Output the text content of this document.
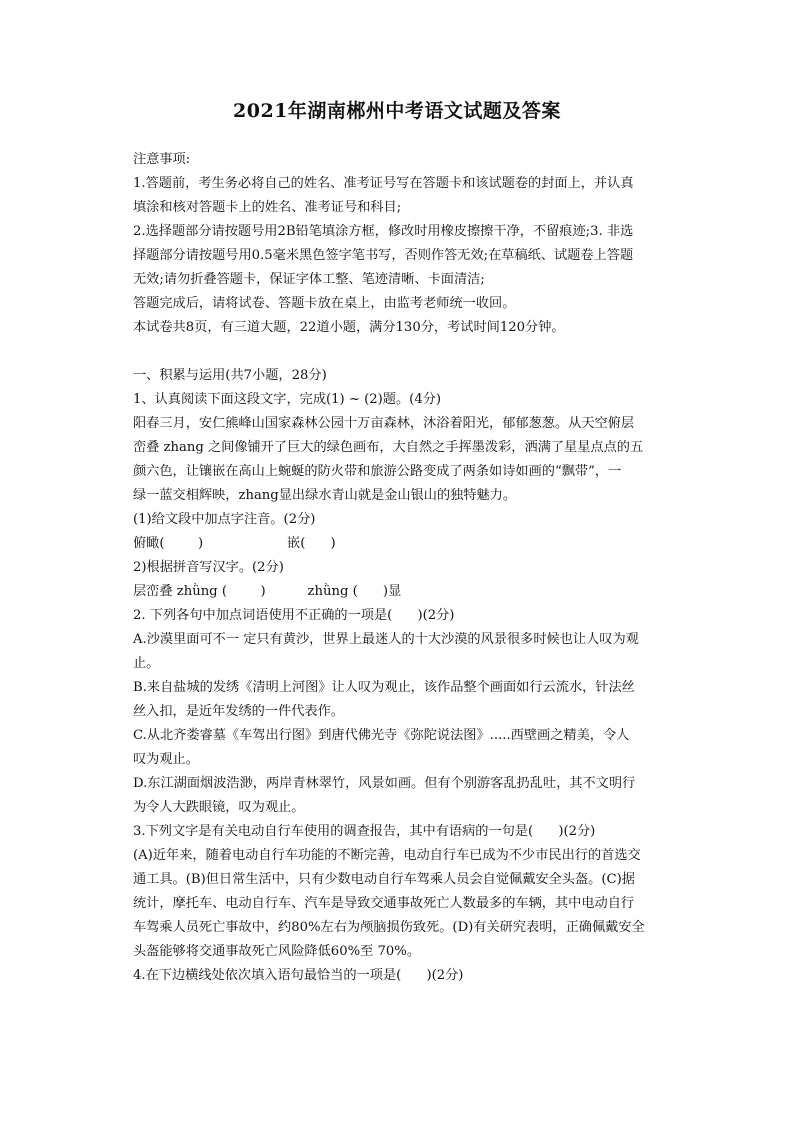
2021年湖南郴州中考语文试题及答案

注意事项:

1.答题前，考生务必将自己的姓名、准考证号写在答题卡和该试题卷的封面上，并认真

填涂和核对答题卡上的姓名、准考证号和科目;

2.选择题部分请按题号用2B铅笔填涂方框，修改时用橡皮擦擦干净，不留痕迹;3. 非选

择题部分请按题号用0.5毫米黑色签字笔书写，否则作答无效;在草稿纸、试题卷上答题

无效;请勿折叠答题卡，保证字体工整、笔迹清晰、卡面清洁;

答题完成后，请将试卷、答题卡放在桌上，由监考老师统一收回。

本试卷共8页，有三道大题，22道小题，满分130分，考试时间120分钟。

一、积累与运用(共7小题，28分)

1、认真阅读下面这段文字，完成(1) ~ (2)题。(4分)

阳春三月，安仁熊峰山国家森林公园十万亩森林，沐浴着阳光，郁郁葱葱。从天空俯层

峦叠 zhang 之间像铺开了巨大的绿色画布，大自然之手挥墨泼彩，洒满了星星点点的五

颜六色，让镶嵌在高山上蜿蜒的防火带和旅游公路变成了两条如诗如画的“飘带”，一

绿一蓝交相辉映，zhang显出绿水青山就是金山银山的独特魅力。

(1)给文段中加点字注音。(2分)

俯瞰(        )                    嵌(      )

2)根据拼音写汉字。(2分)

层峦叠 zhǜng (        )          zhǜng (      )显

2. 下列各句中加点词语使用不正确的一项是(      )(2分)

A.沙漠里面可不一 定只有黄沙，世界上最迷人的十大沙漠的风景很多时候也让人叹为观

止。

B.来自盐城的发绣《清明上河图》让人叹为观止，该作品整个画面如行云流水，针法丝

丝入扣，是近年发绣的一件代表作。

C.从北齐娄睿墓《车驾出行图》到唐代佛光寺《弥陀说法图》.....西壁画之精美，令人

叹为观止。

D.东江湖面烟波浩渺，两岸青林翠竹，风景如画。但有个别游客乱扔乱吐，其不文明行

为令人大跌眼镜，叹为观止。

3.下列文字是有关电动自行车使用的调查报告，其中有语病的一句是(      )(2分)

(A)近年来，随着电动自行车功能的不断完善，电动自行车已成为不少市民出行的首选交

通工具。(B)但日常生活中，只有少数电动自行车驾乘人员会自觉佩戴安全头盔。(C)据

统计，摩托车、电动自行车、汽车是导致交通事故死亡人数最多的车辆，其中电动自行

车驾乘人员死亡事故中，约80%左右为颅脑损伤致死。(D)有关研究表明，正确佩戴安全

头盔能够将交通事故死亡风险降低60%至 70%。

4.在下边横线处依次填入语句最恰当的一项是(      )(2分)
